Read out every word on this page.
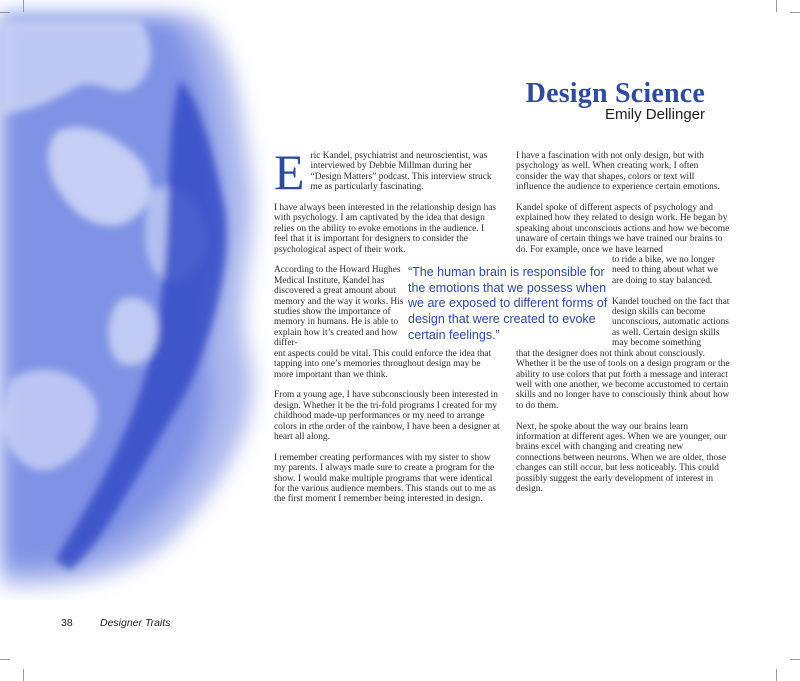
Design Science
Emily Dellinger

E ric Kandel, psychiatrist and neuroscientist, was interviewed by Debbie Millman during her “Design Matters” podcast. This interview struck me as particularly fascinating.

I have always been interested in the relationship design has with psychology. I am captivated by the idea that design relies on the ability to evoke emotions in the audience. I feel that it is important for designers to consider the psychological aspect of their work.

According to the Howard Hughes Medical Institute, Kandel has discovered a great amount about memory and the way it works. His studies show the importance of memory in humans. He is able to explain how it’s created and how differ-

ent aspects could be vital. This could enforce the idea that tapping into one’s memories throughout design may be more important than we think.

From a young age, I have subconsciously been interested in design. Whether it be the tri-fold programs I created for my childhood made-up performances or my need to arrange colors in rthe order of the rainbow, I have been a designer at heart all along.

I remember creating performances with my sister to show my parents. I always made sure to create a program for the show. I would make multiple programs that were identical for the various audience members. This stands out to me as the first moment I remember being interested in design.

I have a fascination with not only design, but with psychology as well. When creating work, I often consider the way that shapes, colors or text will influence the audience to experience certain emotions.

Kandel spoke of different aspects of psychology and explained how they related to design work. He began by speaking about unconscious actions and how we become unaware of certain things we have trained our brains to do. For example, once we have learned

to ride a bike, we no longer need to thing about what we are doing to stay balanced.

Kandel touched on the fact that design skills can become unconscious, automatic actions as well. Certain design skills may become something

that the designer does not think about consciously. Whether it be the use of tools on a design program or the ability to use colors that put forth a message and interact well with one another, we become accustomed to certain skills and no longer have to consciously think about how to do them.

Next, he spoke about the way our brains learn information at different ages. When we are younger, our brains excel with changing and creating new connections between neurons. When we are older, those changes can still occur, but less noticeably. This could possibly suggest the early development of interest in design.

“The human brain is responsible for the emotions that we possess when we are exposed to different forms of design that were created to evoke certain feelings.”
38	Designer Traits
